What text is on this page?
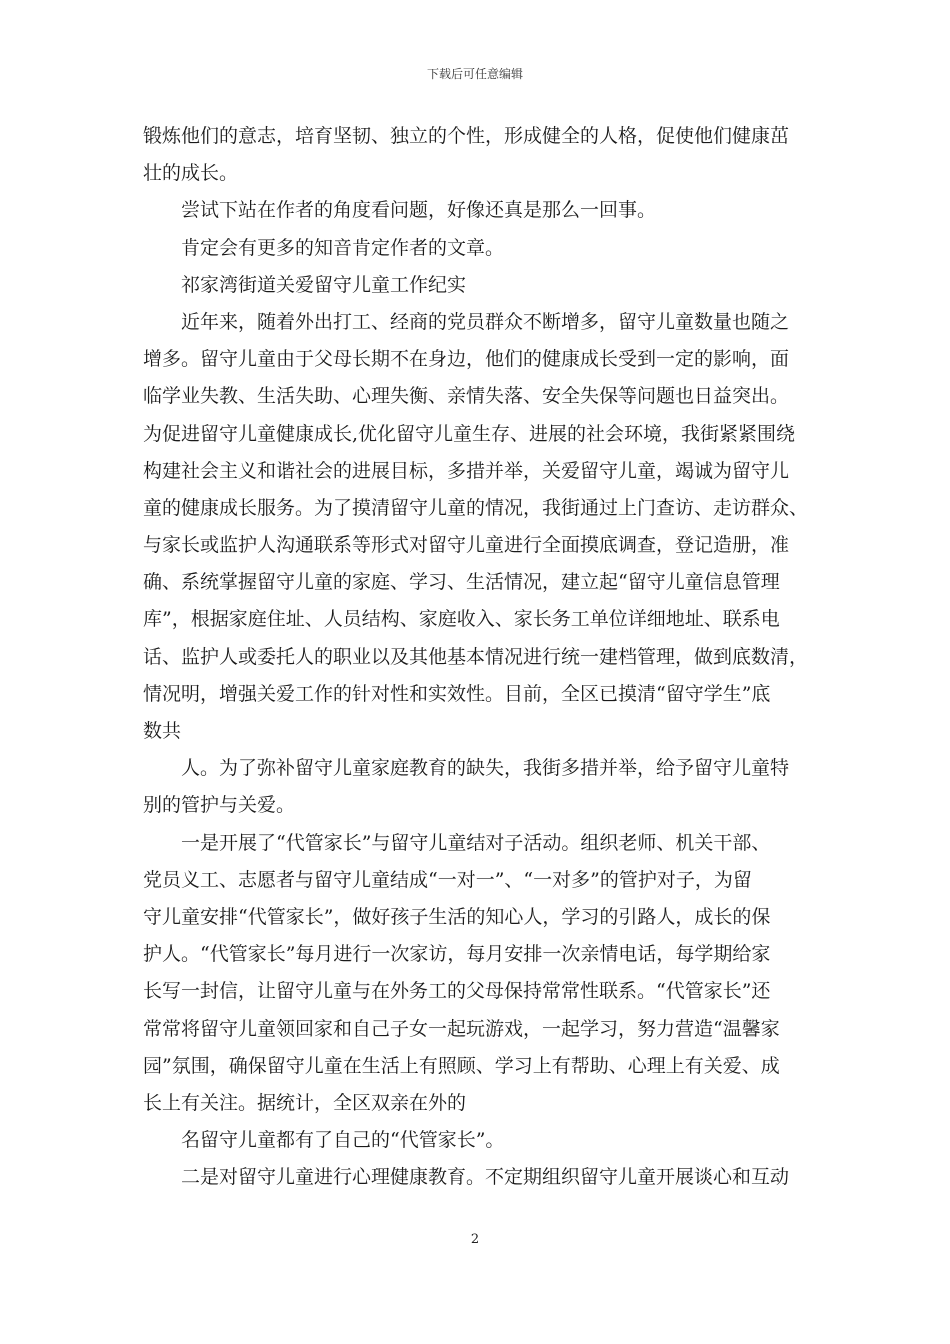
下载后可任意编辑
锻炼他们的意志，培育坚韧、独立的个性，形成健全的人格，促使他们健康茁
壮的成长。
尝试下站在作者的角度看问题，好像还真是那么一回事。
肯定会有更多的知音肯定作者的文章。
祁家湾街道关爱留守儿童工作纪实
近年来，随着外出打工、经商的党员群众不断增多，留守儿童数量也随之
增多。留守儿童由于父母长期不在身边，他们的健康成长受到一定的影响，面
临学业失教、生活失助、心理失衡、亲情失落、安全失保等问题也日益突出。
为促进留守儿童健康成长,优化留守儿童生存、进展的社会环境，我街紧紧围绕
构建社会主义和谐社会的进展目标，多措并举，关爱留守儿童，竭诚为留守儿
童的健康成长服务。为了摸清留守儿童的情况，我街通过上门查访、走访群众、
与家长或监护人沟通联系等形式对留守儿童进行全面摸底调查，登记造册，准
确、系统掌握留守儿童的家庭、学习、生活情况，建立起“留守儿童信息管理
库”，根据家庭住址、人员结构、家庭收入、家长务工单位详细地址、联系电
话、监护人或委托人的职业以及其他基本情况进行统一建档管理，做到底数清，
情况明，增强关爱工作的针对性和实效性。目前，全区已摸清“留守学生”底
数共
人。为了弥补留守儿童家庭教育的缺失，我街多措并举，给予留守儿童特
别的管护与关爱。
一是开展了“代管家长”与留守儿童结对子活动。组织老师、机关干部、
党员义工、志愿者与留守儿童结成“一对一”、“一对多”的管护对子，为留
守儿童安排“代管家长”，做好孩子生活的知心人，学习的引路人，成长的保
护人。“代管家长”每月进行一次家访，每月安排一次亲情电话，每学期给家
长写一封信，让留守儿童与在外务工的父母保持常常性联系。“代管家长”还
常常将留守儿童领回家和自己子女一起玩游戏，一起学习，努力营造“温馨家
园”氛围，确保留守儿童在生活上有照顾、学习上有帮助、心理上有关爱、成
长上有关注。据统计，全区双亲在外的
名留守儿童都有了自己的“代管家长”。
二是对留守儿童进行心理健康教育。不定期组织留守儿童开展谈心和互动
2
